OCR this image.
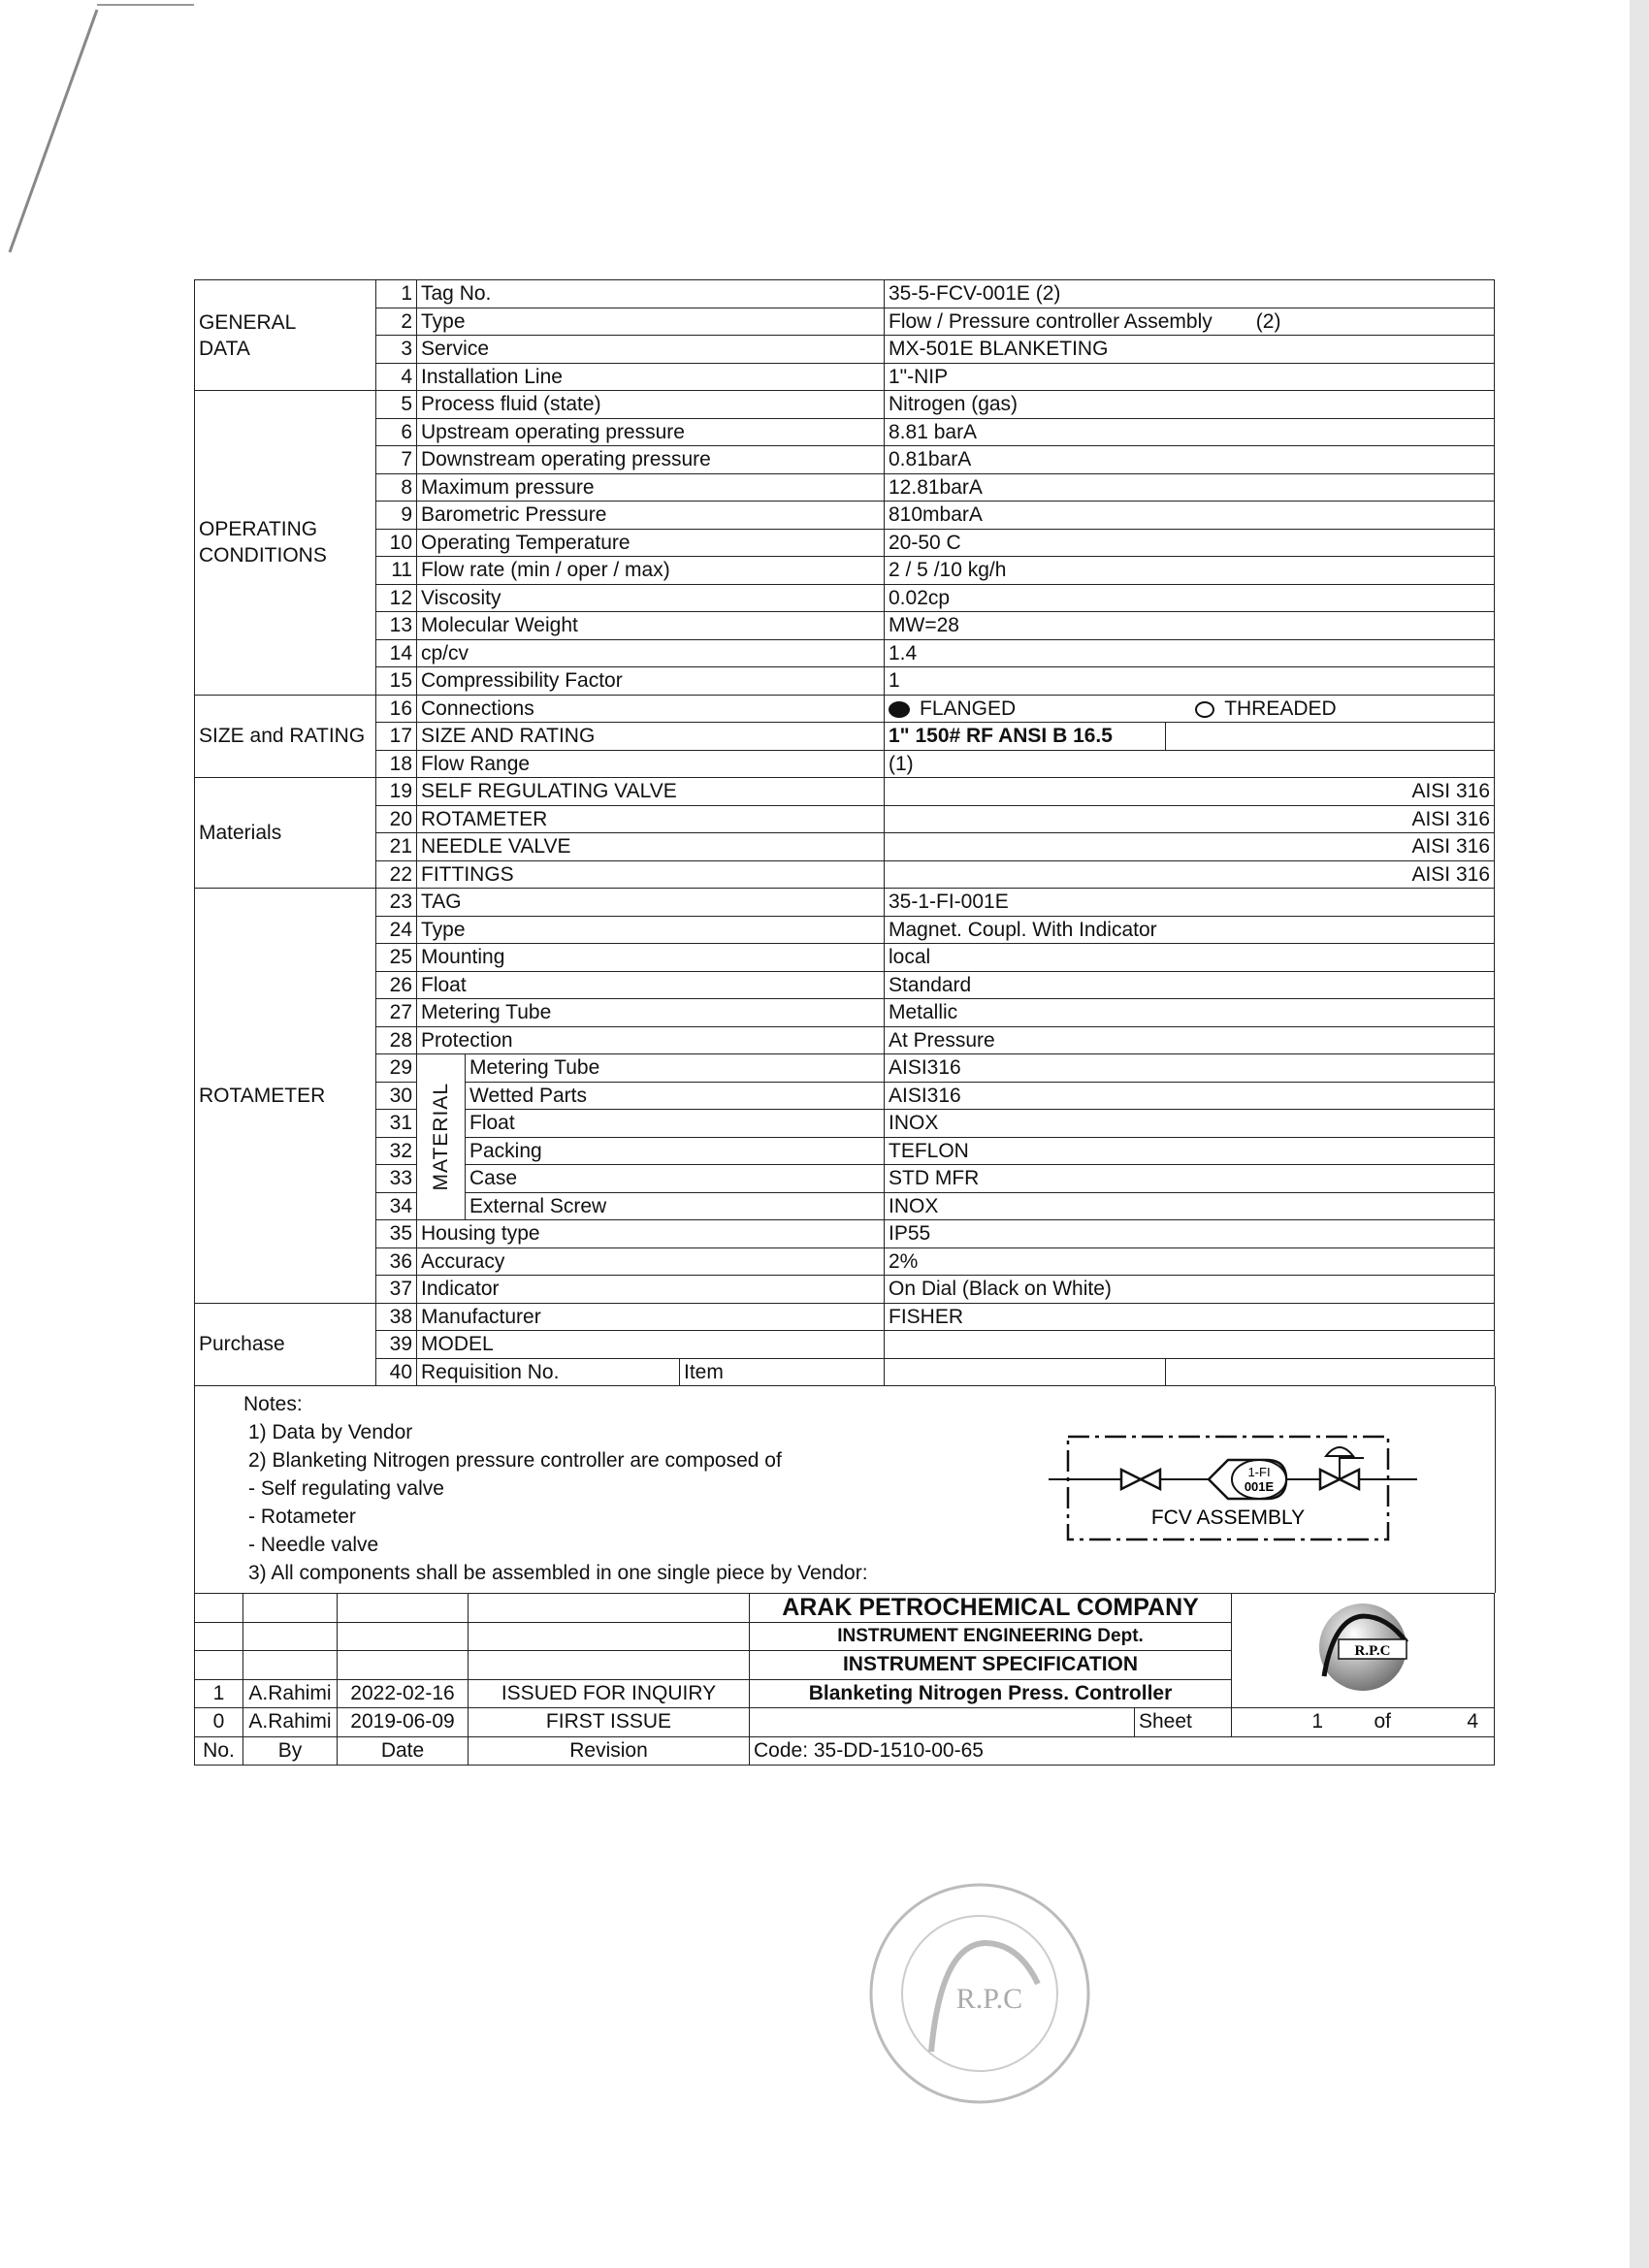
GENERAL
DATA	1	Tag No.			35-5-FCV-001E (2)	
	2	Type			Flow / Pressure controller Assembly (2)	
	3	Service			MX-501E BLANKETING	
	4	Installation Line			1"-NIP	

OPERATING
CONDITIONS	5	Process fluid (state)			Nitrogen (gas)	
	6	Upstream operating pressure			8.81 barA	
	7	Downstream operating pressure			0.81barA	
	8	Maximum pressure			12.81barA	
	9	Barometric Pressure			810mbarA	
	10	Operating Temperature			20-50 C	
	11	Flow rate (min / oper / max)			2 / 5 /10 kg/h	
	12	Viscosity			0.02cp	
	13	Molecular Weight			MW=28	
	14	cp/cv			1.4	
	15	Compressibility Factor			1	
SIZE and RATING	16	Connections			FLANGED THREADED	
	17	SIZE AND RATING			1" 150# RF ANSI B 16.5	
	18	Flow Range			(1)	
Materials	19	SELF REGULATING VALVE			AISI 316	
	20	ROTAMETER			AISI 316	
	21	NEEDLE VALVE			AISI 316	
	22	FITTINGS			AISI 316	
ROTAMETER	23	TAG			35-1-FI-001E	
	24	Type			Magnet. Coupl. With Indicator	
	25	Mounting			local	
	26	Float			Standard	
	27	Metering Tube			Metallic	
	28	Protection			At Pressure	
	29	MATERIAL	Metering Tube		AISI316	
	30		Wetted Parts		AISI316	
	31		Float		INOX	
	32		Packing		TEFLON	
	33		Case		STD MFR	
	34		External Screw		INOX	
	35	Housing type			IP55	
	36	Accuracy			2%	
	37	Indicator			On Dial (Black on White)	
Purchase	38	Manufacturer			FISHER	
	39	MODEL				
	40	Requisition No.		Item		
Notes:
1) Data by Vendor
2) Blanketing Nitrogen pressure controller are composed of
- Self regulating valve
- Rotameter
- Needle valve
3) All components shall be assembled in one single piece by Vendor:
1-FI
001E
FCV ASSEMBLY
				ARAK PETROCHEMICAL COMPANY		R.P.C

				INSTRUMENT ENGINEERING Dept.		
				INSTRUMENT SPECIFICATION		
1	A.Rahimi	2022-02-16	ISSUED FOR INQUIRY	Blanketing Nitrogen Press. Controller		
0	A.Rahimi	2019-06-09	FIRST ISSUE		Sheet	1 of 4
No.	By	Date	Revision	Code: 35-DD-1510-00-65		
R.P.C
